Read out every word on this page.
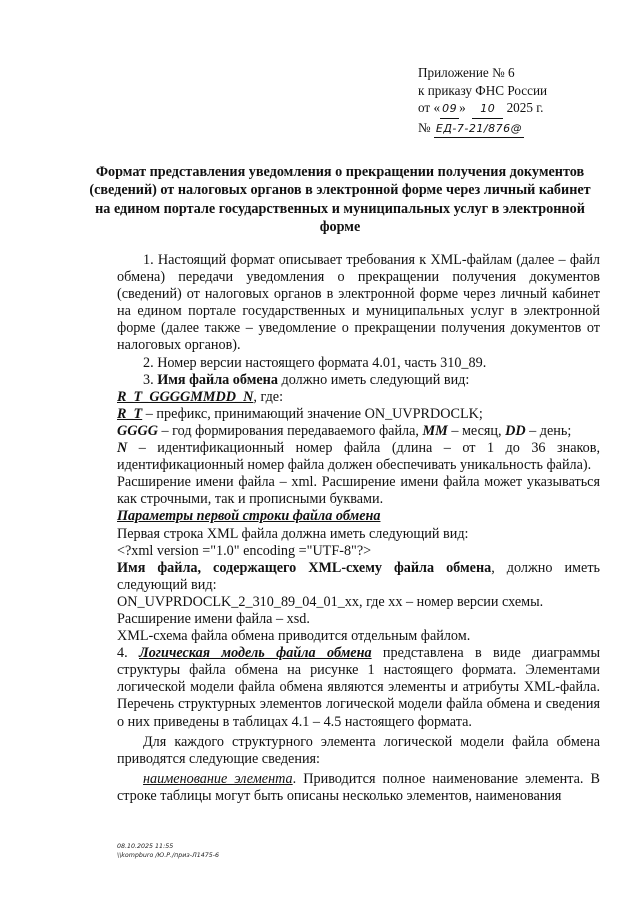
Приложение № 6
к приказу ФНС России
от « 09 » 10 2025 г.
№ ЕД-7-21/876@
Формат представления уведомления о прекращении получения документов (сведений) от налоговых органов в электронной форме через личный кабинет на едином портале государственных и муниципальных услуг в электронной форме

1. Настоящий формат описывает требования к XML-файлам (далее – файл обмена) передачи уведомления о прекращении получения документов (сведений) от налоговых органов в электронной форме через личный кабинет на едином портале государственных и муниципальных услуг в электронной форме (далее также – уведомление о прекращении получения документов от налоговых органов).

2. Номер версии настоящего формата 4.01, часть 310_89.

3. Имя файла обмена должно иметь следующий вид:

R_T_GGGGMMDD_N, где:

R_T – префикс, принимающий значение ON_UVPRDOCLK;

GGGG – год формирования передаваемого файла, MM – месяц, DD – день;

N – идентификационный номер файла (длина – от 1 до 36 знаков, идентификационный номер файла должен обеспечивать уникальность файла).

Расширение имени файла – xml. Расширение имени файла может указываться как строчными, так и прописными буквами.

Параметры первой строки файла обмена

Первая строка XML файла должна иметь следующий вид:

<?xml version ="1.0" encoding ="UTF-8"?>

Имя файла, содержащего XML-схему файла обмена, должно иметь следующий вид:

ON_UVPRDOCLK_2_310_89_04_01_xx, где xx – номер версии схемы.

Расширение имени файла – xsd.

XML-схема файла обмена приводится отдельным файлом.

4. Логическая модель файла обмена представлена в виде диаграммы структуры файла обмена на рисунке 1 настоящего формата. Элементами логической модели файла обмена являются элементы и атрибуты XML-файла. Перечень структурных элементов логической модели файла обмена и сведения о них приведены в таблицах 4.1 – 4.5 настоящего формата.

Для каждого структурного элемента логической модели файла обмена приводятся следующие сведения:

наименование элемента. Приводится полное наименование элемента. В строке таблицы могут быть описаны несколько элементов, наименования

08.10.2025 11:55
\\kompburo /Ю.Р./приз-Л1475-6
